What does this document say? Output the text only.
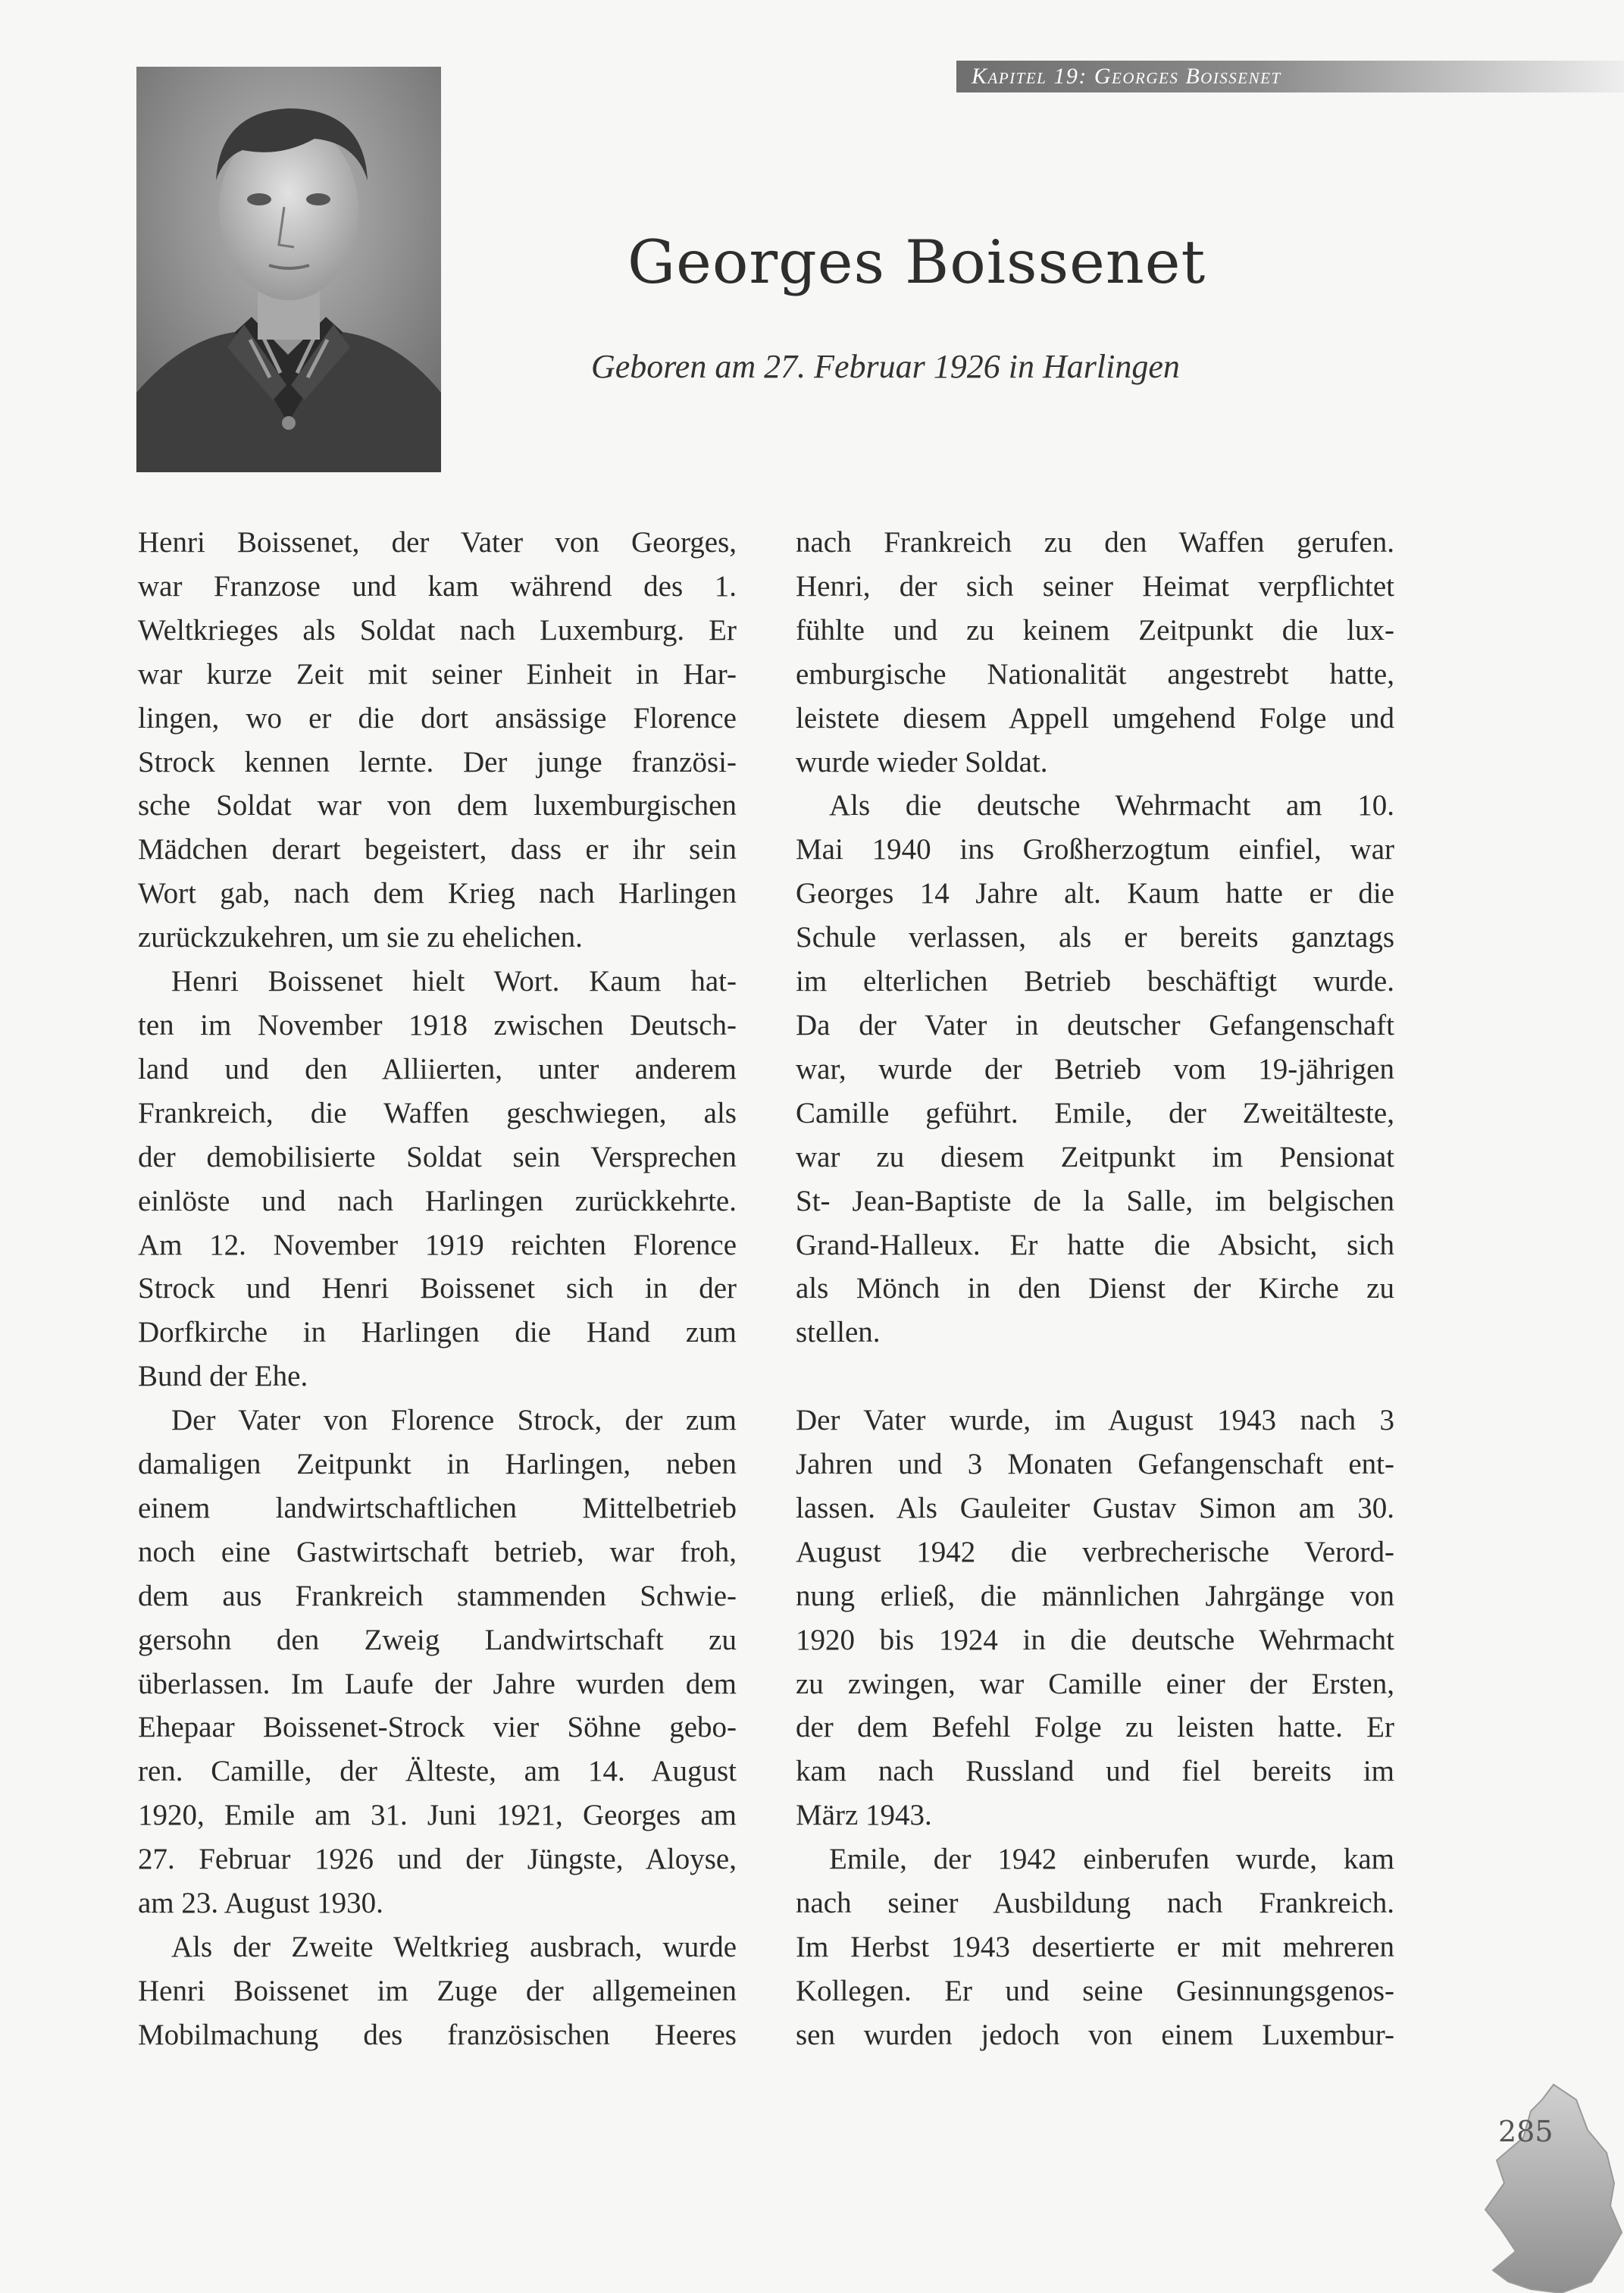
Kapitel 19: Georges Boissenet
Georges Boissenet
Geboren am 27. Februar 1926 in Harlingen

Henri Boissenet, der Vater von Georges,
war Franzose und kam während des 1.
Weltkrieges als Soldat nach Luxemburg. Er
war kurze Zeit mit seiner Einheit in Har-
lingen, wo er die dort ansässige Florence
Strock kennen lernte. Der junge französi-
sche Soldat war von dem luxemburgischen
Mädchen derart begeistert, dass er ihr sein
Wort gab, nach dem Krieg nach Harlingen
zurückzukehren, um sie zu ehelichen.

Henri Boissenet hielt Wort. Kaum hat-
ten im November 1918 zwischen Deutsch-
land und den Alliierten, unter anderem
Frankreich, die Waffen geschwiegen, als
der demobilisierte Soldat sein Versprechen
einlöste und nach Harlingen zurückkehrte.
Am 12. November 1919 reichten Florence
Strock und Henri Boissenet sich in der
Dorfkirche in Harlingen die Hand zum
Bund der Ehe.

Der Vater von Florence Strock, der zum
damaligen Zeitpunkt in Harlingen, neben
einem landwirtschaftlichen Mittelbetrieb
noch eine Gastwirtschaft betrieb, war froh,
dem aus Frankreich stammenden Schwie-
gersohn den Zweig Landwirtschaft zu
überlassen. Im Laufe der Jahre wurden dem
Ehepaar Boissenet-Strock vier Söhne gebo-
ren. Camille, der Älteste, am 14. August
1920, Emile am 31. Juni 1921, Georges am
27. Februar 1926 und der Jüngste, Aloyse,
am 23. August 1930.

Als der Zweite Weltkrieg ausbrach, wurde
Henri Boissenet im Zuge der allgemeinen
Mobilmachung des französischen Heeres

nach Frankreich zu den Waffen gerufen.
Henri, der sich seiner Heimat verpflichtet
fühlte und zu keinem Zeitpunkt die lux-
emburgische Nationalität angestrebt hatte,
leistete diesem Appell umgehend Folge und
wurde wieder Soldat.

Als die deutsche Wehrmacht am 10.
Mai 1940 ins Großherzogtum einfiel, war
Georges 14 Jahre alt. Kaum hatte er die
Schule verlassen, als er bereits ganztags
im elterlichen Betrieb beschäftigt wurde.
Da der Vater in deutscher Gefangenschaft
war, wurde der Betrieb vom 19-jährigen
Camille geführt. Emile, der Zweitälteste,
war zu diesem Zeitpunkt im Pensionat
St- Jean-Baptiste de la Salle, im belgischen
Grand-Halleux. Er hatte die Absicht, sich
als Mönch in den Dienst der Kirche zu
stellen.

Der Vater wurde, im August 1943 nach 3
Jahren und 3 Monaten Gefangenschaft ent-
lassen. Als Gauleiter Gustav Simon am 30.
August 1942 die verbrecherische Verord-
nung erließ, die männlichen Jahrgänge von
1920 bis 1924 in die deutsche Wehrmacht
zu zwingen, war Camille einer der Ersten,
der dem Befehl Folge zu leisten hatte. Er
kam nach Russland und fiel bereits im
März 1943.

Emile, der 1942 einberufen wurde, kam
nach seiner Ausbildung nach Frankreich.
Im Herbst 1943 desertierte er mit mehreren
Kollegen. Er und seine Gesinnungsgenos-
sen wurden jedoch von einem Luxembur-

285
